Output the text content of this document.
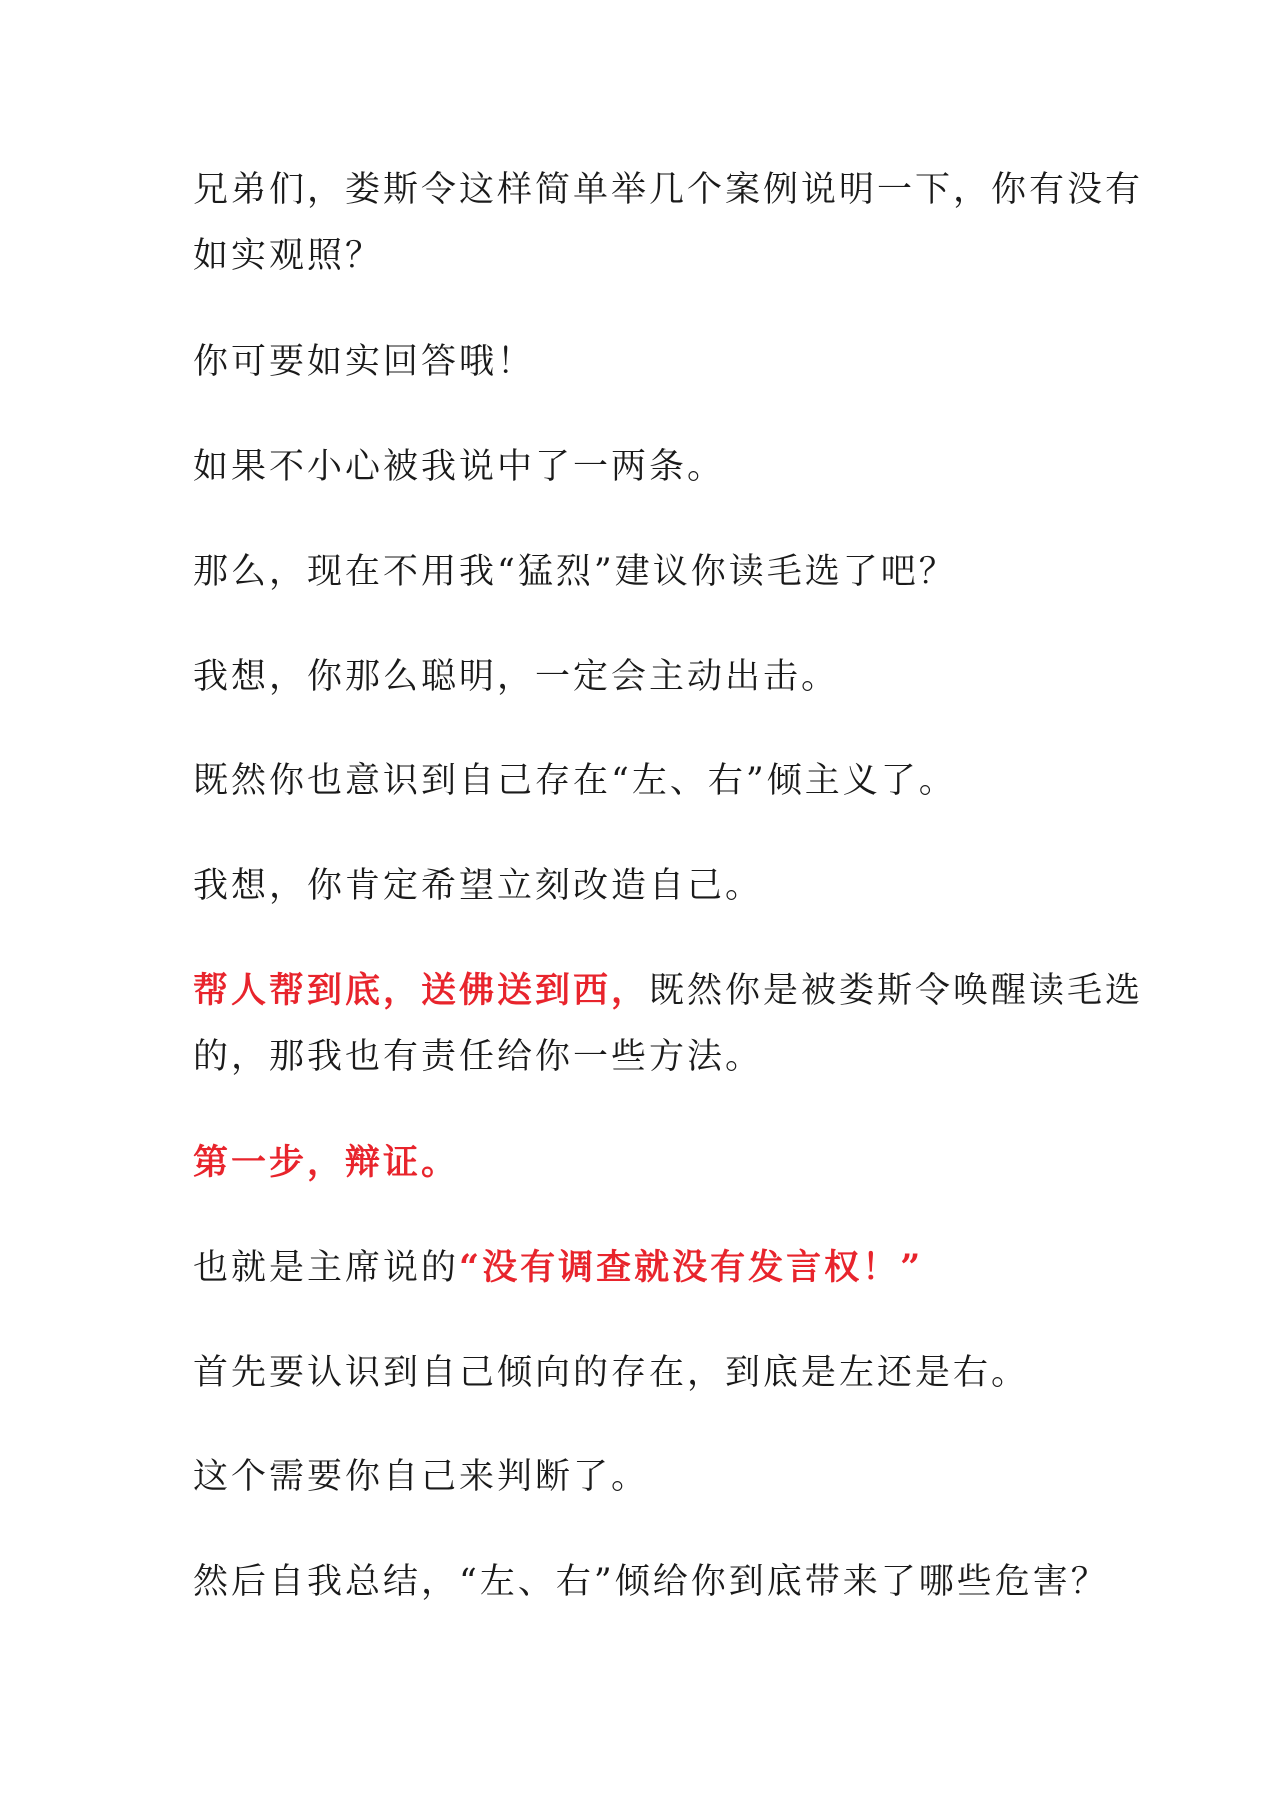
兄弟们，娄斯令这样简单举几个案例说明一下，你有没有
如实观照？

你可要如实回答哦！

如果不小心被我说中了一两条。

那么，现在不用我“猛烈”建议你读毛选了吧？

我想，你那么聪明，一定会主动出击。

既然你也意识到自己存在“左、右”倾主义了。

我想，你肯定希望立刻改造自己。

帮人帮到底，送佛送到西，既然你是被娄斯令唤醒读毛选
的，那我也有责任给你一些方法。

第一步，辩证。

也就是主席说的“没有调查就没有发言权！”

首先要认识到自己倾向的存在，到底是左还是右。

这个需要你自己来判断了。

然后自我总结，“左、右”倾给你到底带来了哪些危害？
